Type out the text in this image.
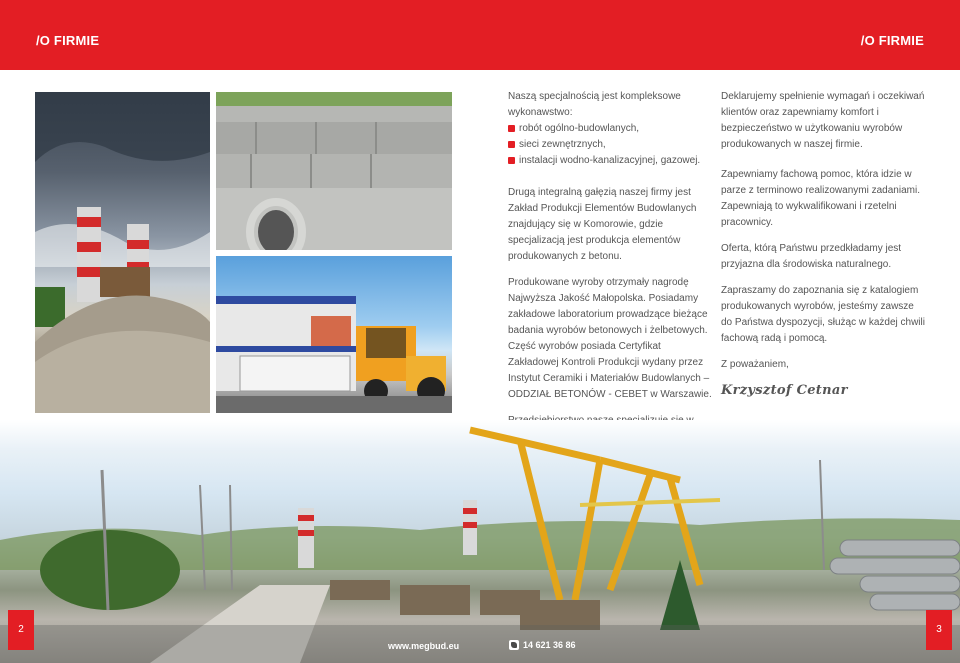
/O FIRMIE	/O FIRMIE
Naszą specjalnością jest kompleksowe wykonawstwo:
robót ogólno-budowlanych,
sieci zewnętrznych,
instalacji wodno-kanalizacyjnej, gazowej.

Drugą integralną gałęzią naszej firmy jest Zakład Produkcji Elementów Budowlanych znajdujący się w Komorowie, gdzie specjalizacją jest produkcja elementów produkowanych z betonu.

Produkowane wyroby otrzymały nagrodę Najwyższa Jakość Małopolska. Posiadamy zakładowe laboratorium prowadzące bieżące badania wyrobów betonowych i żelbetowych. Część wyrobów posiada Certyfikat Zakładowej Kontroli Produkcji wydany przez Instytut Ceramiki i Materiałów Budowlanych – ODDZIAŁ BETONÓW - CEBET w Warszawie.

Deklarujemy spełnienie wymagań i oczekiwań klientów oraz zapewniamy komfort i bezpieczeństwo w użytkowaniu wyrobów produkowanych w naszej firmie.

Zapewniamy fachową pomoc, która idzie w parze z terminowo realizowanymi zadaniami. Zapewniają to wykwalifikowani i rzetelni pracownicy.

Oferta, którą Państwu przedkładamy jest przyjazna dla środowiska naturalnego.

Zapraszamy do zapoznania się z katalogiem produkowanych wyrobów, jesteśmy zawsze do Państwa dyspozycji, służąc w każdej chwili fachową radą i pomocą.

Z poważaniem,

Krzysztof Cetnar
2	3
www.megbud.eu	14 621 36 86
